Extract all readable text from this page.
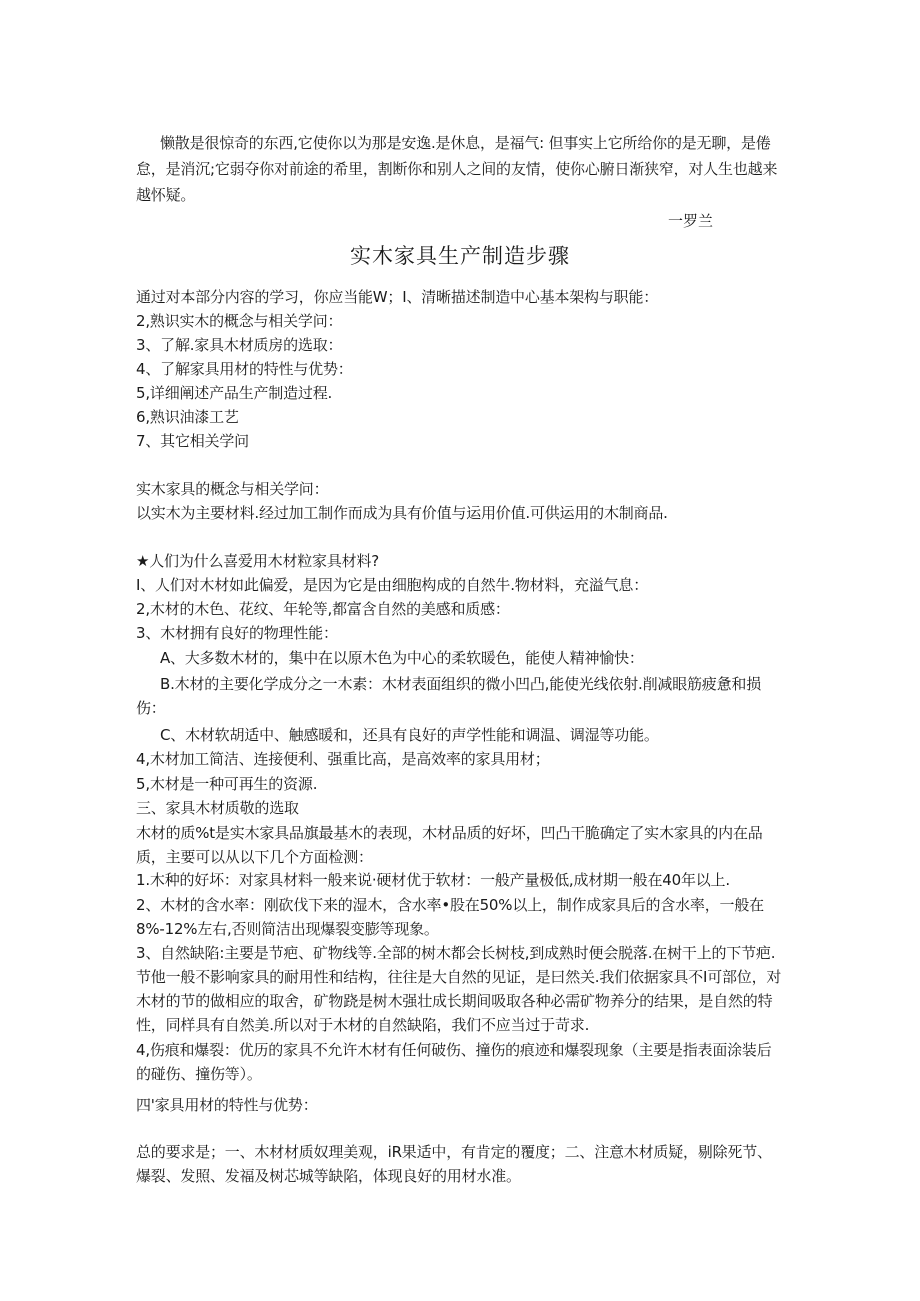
懒散是很惊奇的东西,它使你以为那是安逸.是休息，是福气: 但事实上它所给你的是无聊，是倦怠，是消沉;它弱夺你对前途的希里，割断你和别人之间的友情，使你心腑日渐狭窄，对人生也越来越怀疑。
一罗兰
实木家具生产制造步骤
通过对本部分内容的学习，你应当能W；I、清晰描述制造中心基本架构与职能：
2,熟识实木的概念与相关学问：
3、了解.家具木材质房的选取：
4、了解家具用材的特性与优势：
5,详细阐述产品生产制造过程.
6,熟识油漆工艺
7、其它相关学问
实木家具的概念与相关学问：
以实木为主要材料.经过加工制作而成为具有价值与运用价值.可供运用的木制商品.
★人们为什么喜爱用木材粒家具材料?
I、人们对木材如此偏爱，是因为它是由细胞构成的自然牛.物材料，充溢气息：
2,木材的木色、花纹、年轮等,都富含自然的美感和质感：
3、木材拥有良好的物理性能：
A、大多数木材的，集中在以原木色为中心的柔软暖色，能使人精神愉快：
B.木材的主要化学成分之一木素：木材表面组织的微小凹凸,能使光线依射.削减眼筋疲惫和损伤：
C、木材软胡适中、触感暖和，还具有良好的声学性能和调温、调湿等功能。
4,木材加工简洁、连接便利、强重比高，是高效率的家具用材；
5,木材是一种可再生的资源.
三、家具木材质敬的选取
木材的质%t是实木家具品旗最基木的表现，木材品质的好坏，凹凸干脆确定了实木家具的内在品质，主要可以从以下几个方面检测：
1.木种的好坏：对家具材料一般来说·硬材优于软材：一般产量极低,成材期一般在40年以上.
2、木材的含水率：刚砍伐下来的湿木，含水率•股在50%以上，制作成家具后的含水率，一般在8%-12%左右,否则简洁出现爆裂变膨等现象。
3、自然缺陷:主要是节疤、矿物线等.全部的树木都会长树枝,到成熟时便会脱落.在树干上的下节疤.节他一般不影响家具的耐用性和结构，往往是大自然的见证，是曰然关.我们依据家具不I可部位，对木材的节的做相应的取舍，矿物跷是树木强壮成长期间吸取各种必需矿物养分的结果，是自然的特性，同样具有自然美.所以对于木材的自然缺陷，我们不应当过于苛求.
4,伤痕和爆裂：优历的家具不允许木材有任何破伤、撞伤的痕迹和爆裂现象（主要是指表面涂装后的碰伤、撞伤等）。
四'家具用材的特性与优势：
总的要求是；一、木材材质奴理美观，iR果适中，有肯定的覆度；二、注意木材质疑，剔除死节、爆裂、发照、发福及树芯城等缺陷，体现良好的用材水准。
